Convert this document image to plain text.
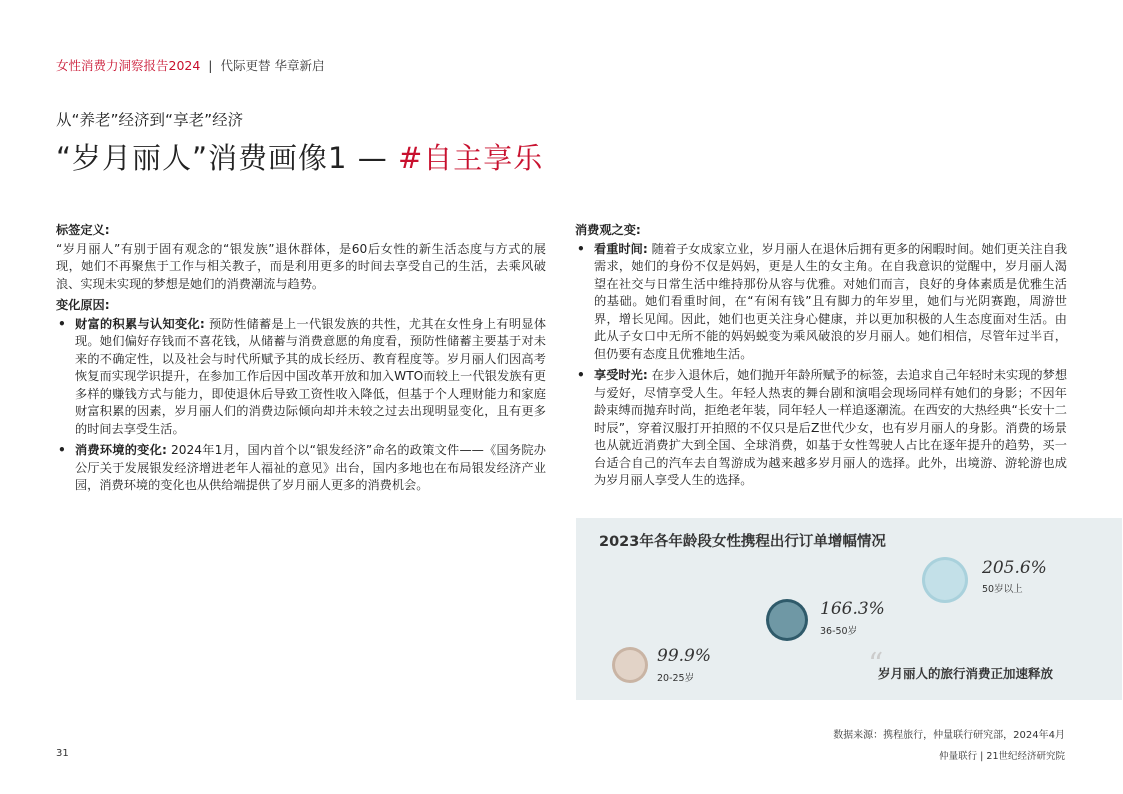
女性消费力洞察报告2024 | 代际更替 华章新启
从“养老”经济到“享老”经济
“岁月丽人”消费画像1 — #自主享乐
标签定义:
“岁月丽人”有别于固有观念的“银发族”退休群体，是60后女性的新生活态度与方式的展现，她们不再聚焦于工作与相关教子，而是利用更多的时间去享受自己的生活，去乘风破浪、实现未实现的梦想是她们的消费潮流与趋势。
变化原因:
• 财富的积累与认知变化: 预防性储蓄是上一代银发族的共性，尤其在女性身上有明显体现。她们偏好存钱而不喜花钱，从储蓄与消费意愿的角度看，预防性储蓄主要基于对未来的不确定性，以及社会与时代所赋予其的成长经历、教育程度等。岁月丽人们因高考恢复而实现学识提升，在参加工作后因中国改革开放和加入WTO而较上一代银发族有更多样的赚钱方式与能力，即使退休后导致工资性收入降低，但基于个人理财能力和家庭财富积累的因素，岁月丽人们的消费边际倾向却并未较之过去出现明显变化，且有更多的时间去享受生活。
• 消费环境的变化: 2024年1月，国内首个以“银发经济”命名的政策文件——《国务院办公厅关于发展银发经济增进老年人福祉的意见》出台，国内多地也在布局银发经济产业园，消费环境的变化也从供给端提供了岁月丽人更多的消费机会。
消费观之变:
• 看重时间: 随着子女成家立业，岁月丽人在退休后拥有更多的闲暇时间。她们更关注自我需求，她们的身份不仅是妈妈，更是人生的女主角。在自我意识的觉醒中，岁月丽人渴望在社交与日常生活中维持那份从容与优雅。对她们而言，良好的身体素质是优雅生活的基础。她们看重时间，在“有闲有钱”且有脚力的年岁里，她们与光阴赛跑，周游世界，增长见闻。因此，她们也更关注身心健康，并以更加积极的人生态度面对生活。由此从子女口中无所不能的妈妈蜕变为乘风破浪的岁月丽人。她们相信，尽管年过半百，但仍要有态度且优雅地生活。
• 享受时光: 在步入退休后，她们抛开年龄所赋予的标签，去追求自己年轻时未实现的梦想与爱好，尽情享受人生。年轻人热衷的舞台剧和演唱会现场同样有她们的身影；不因年龄束缚而抛弃时尚，拒绝老年装，同年轻人一样追逐潮流。在西安的大热经典“长安十二时辰”，穿着汉服打开拍照的不仅只是后Z世代少女，也有岁月丽人的身影。消费的场景也从就近消费扩大到全国、全球消费，如基于女性驾驶人占比在逐年提升的趋势，买一台适合自己的汽车去自驾游成为越来越多岁月丽人的选择。此外，出境游、游轮游也成为岁月丽人享受人生的选择。
2023年各年龄段女性携程出行订单增幅情况
99.9%
20-25岁
166.3%
36-50岁
205.6%
50岁以上
“
岁月丽人的旅行消费正加速释放
数据来源：携程旅行，仲量联行研究部，2024年4月
31	仲量联行 | 21世纪经济研究院
